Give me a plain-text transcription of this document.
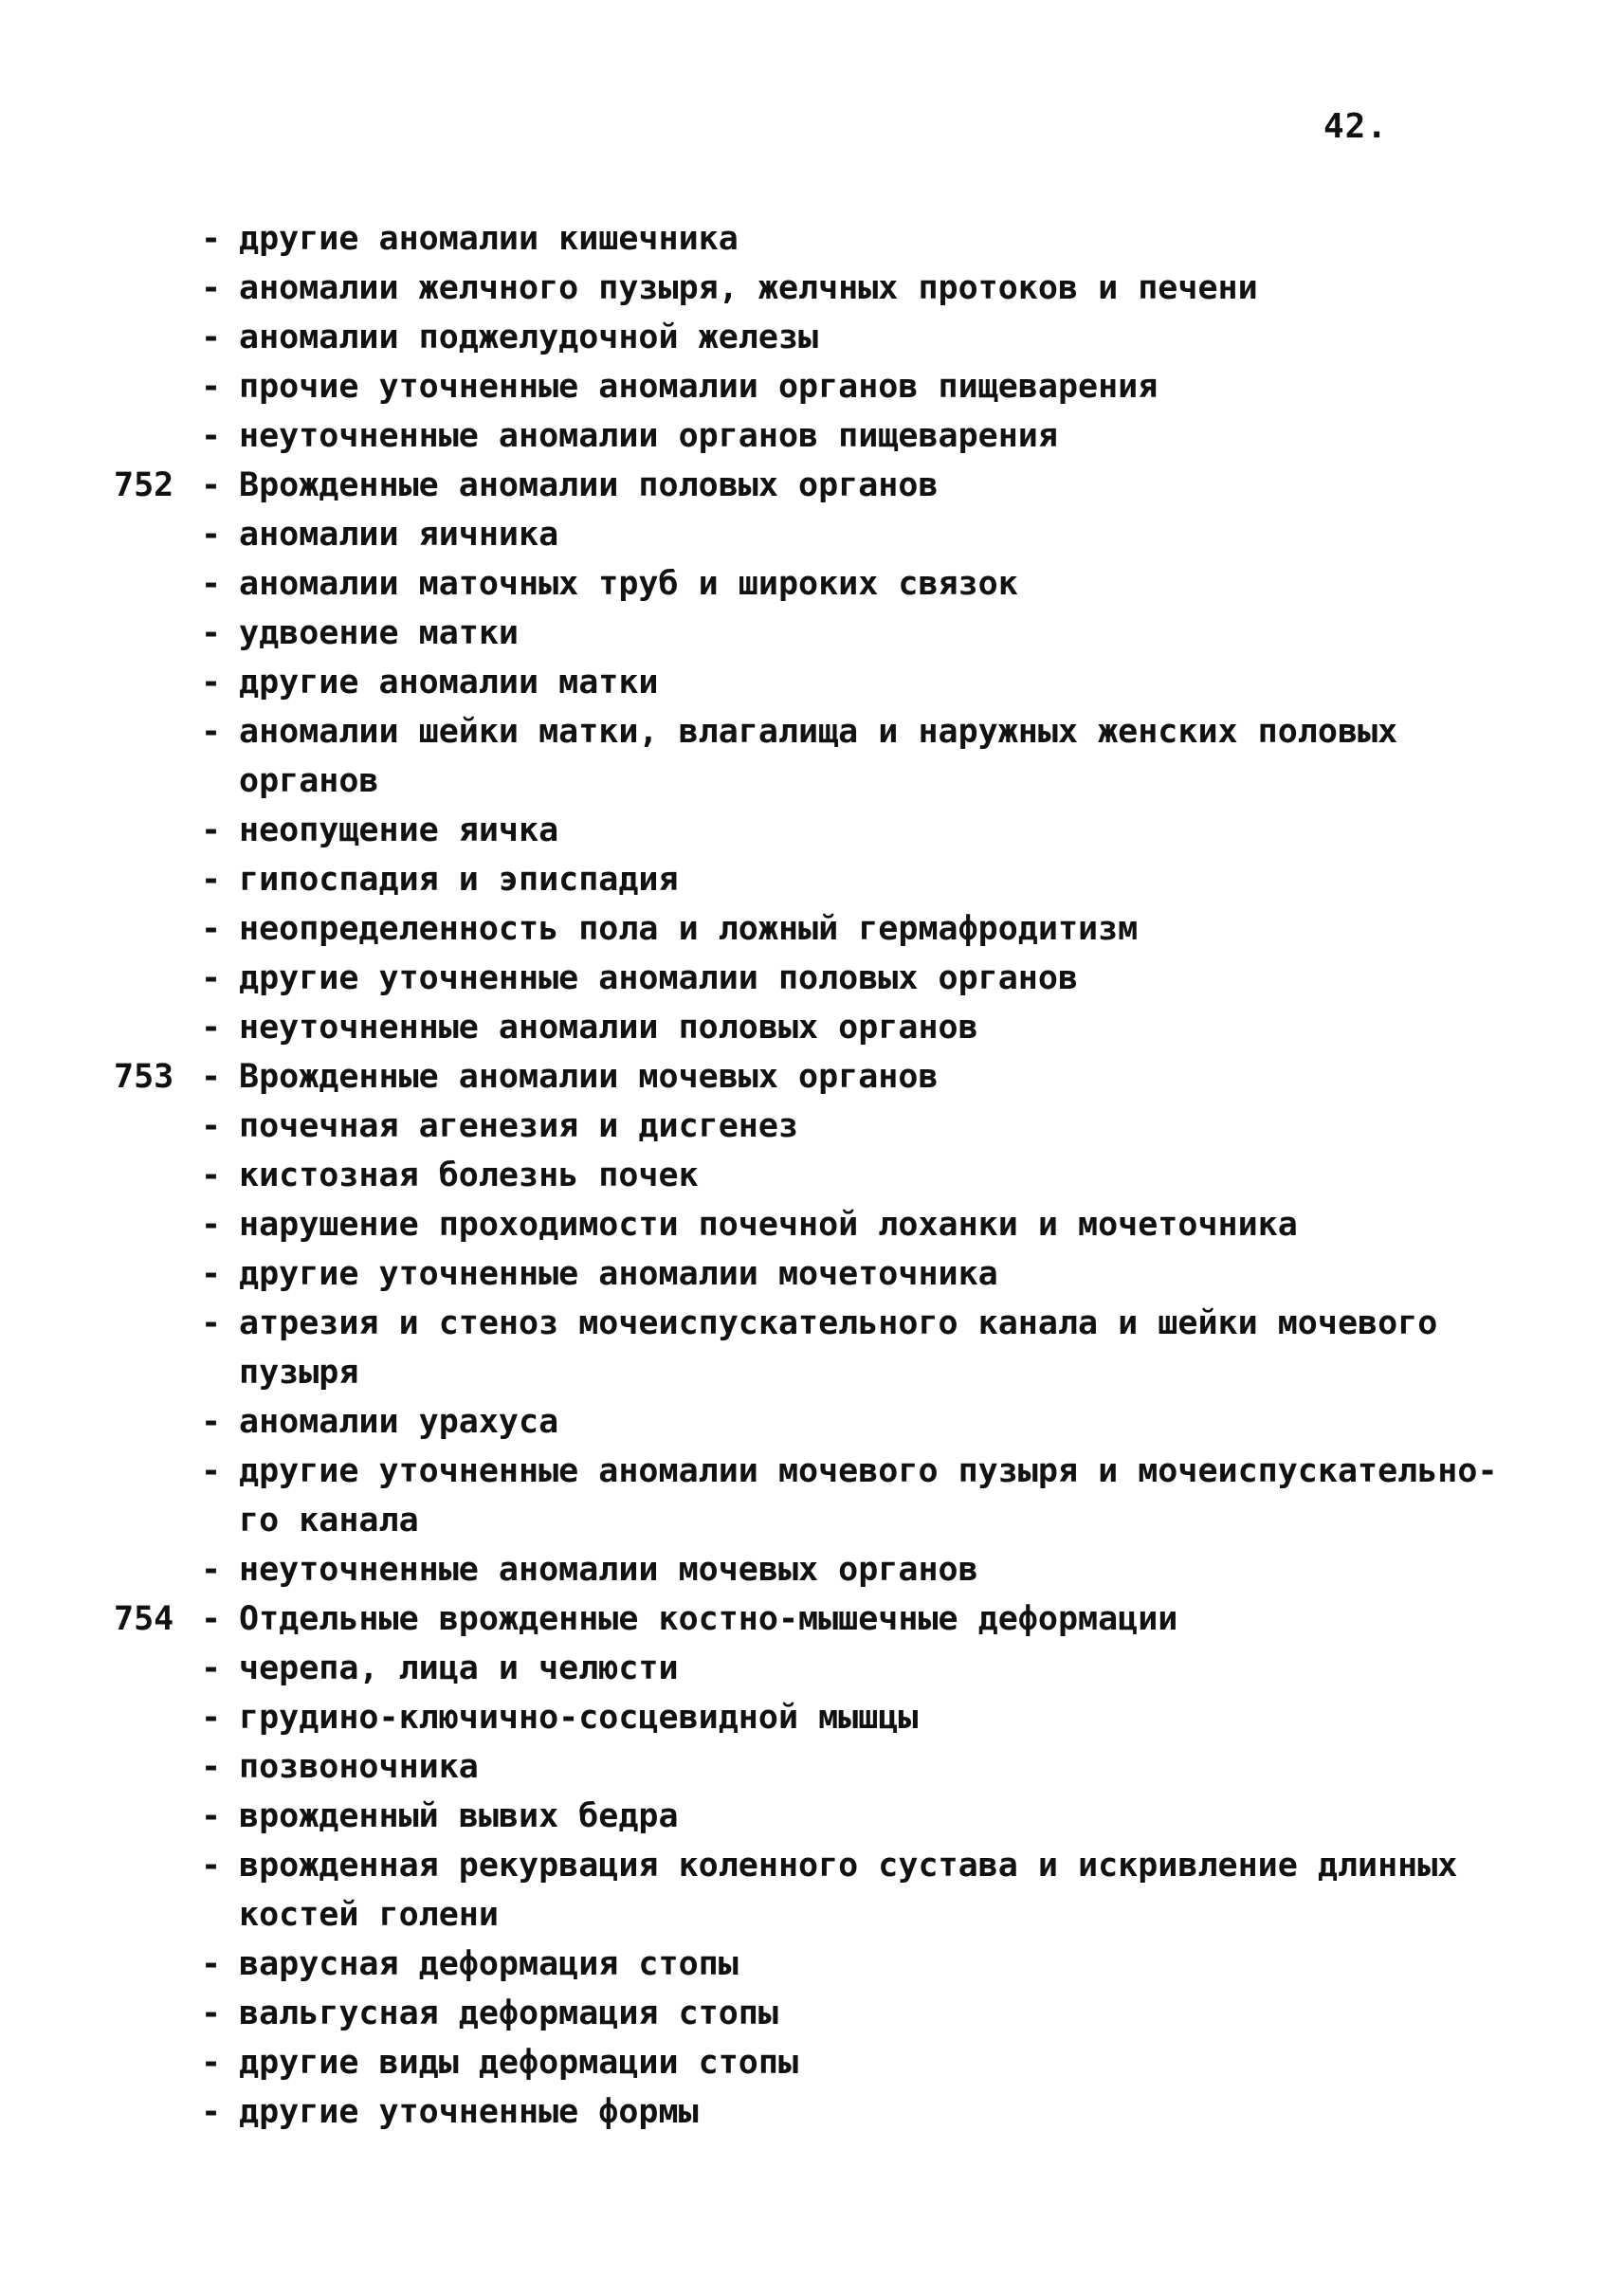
42.
- другие аномалии кишечника
- аномалии желчного пузыря, желчных протоков и печени
- аномалии поджелудочной железы
- прочие уточненные аномалии органов пищеварения
- неуточненные аномалии органов пищеварения
752 - Врожденные аномалии половых органов
- аномалии яичника
- аномалии маточных труб и широких связок
- удвоение матки
- другие аномалии матки
- аномалии шейки матки, влагалища и наружных женских половых
органов
- неопущение яичка
- гипоспадия и эписпадия
- неопределенность пола и ложный гермафродитизм
- другие уточненные аномалии половых органов
- неуточненные аномалии половых органов
753 - Врожденные аномалии мочевых органов
- почечная агенезия и дисгенез
- кистозная болезнь почек
- нарушение проходимости почечной лоханки и мочеточника
- другие уточненные аномалии мочеточника
- атрезия и стеноз мочеиспускательного канала и шейки мочевого
пузыря
- аномалии урахуса
- другие уточненные аномалии мочевого пузыря и мочеиспускательно-
го канала
- неуточненные аномалии мочевых органов
754 - Отдельные врожденные костно-мышечные деформации
- черепа, лица и челюсти
- грудино-ключично-сосцевидной мышцы
- позвоночника
- врожденный вывих бедра
- врожденная рекурвация коленного сустава и искривление длинных
костей голени
- варусная деформация стопы
- вальгусная деформация стопы
- другие виды деформации стопы
- другие уточненные формы
